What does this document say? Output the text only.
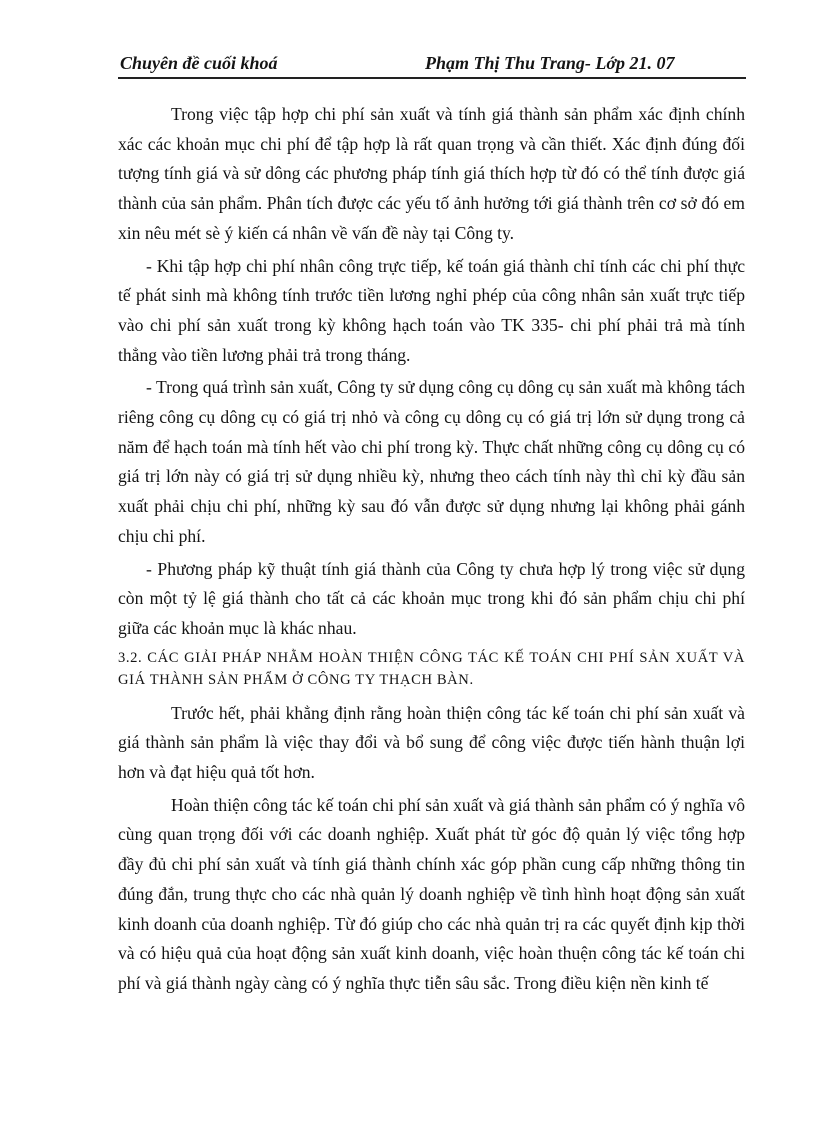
Chuyên đề cuối khoá	Phạm Thị Thu Trang- Lớp 21. 07

Trong việc tập hợp chi phí sản xuất và tính giá thành sản phẩm xác định chính xác các khoản mục chi phí để tập hợp là rất quan trọng và cần thiết. Xác định đúng đối tượng tính giá và sử dông các phương pháp tính giá thích hợp từ đó có thể tính được giá thành của sản phẩm. Phân tích được các yếu tố ảnh hưởng tới giá thành trên cơ sở đó em xin nêu mét sè ý kiến cá nhân về vấn đề này tại Công ty.

- Khi tập hợp chi phí nhân công trực tiếp, kế toán giá thành chỉ tính các chi phí thực tế phát sinh mà không tính trước tiền lương nghỉ phép của công nhân sản xuất trực tiếp vào chi phí sản xuất trong kỳ không hạch toán vào TK 335- chi phí phải trả mà tính thẳng vào tiền lương phải trả trong tháng.

- Trong quá trình sản xuất, Công ty sử dụng công cụ dông cụ sản xuất mà không tách riêng công cụ dông cụ có giá trị nhỏ và công cụ dông cụ có giá trị lớn sử dụng trong cả năm để hạch toán mà tính hết vào chi phí trong kỳ. Thực chất những công cụ dông cụ có giá trị lớn này có giá trị sử dụng nhiều kỳ, nhưng theo cách tính này thì chỉ kỳ đầu sản xuất phải chịu chi phí, những kỳ sau đó vẫn được sử dụng nhưng lại không phải gánh chịu chi phí.

- Phương pháp kỹ thuật tính giá thành của Công ty chưa hợp lý trong việc sử dụng còn một tỷ lệ giá thành cho tất cả các khoản mục trong khi đó sản phẩm chịu chi phí giữa các khoản mục là khác nhau.

3.2. CÁC GIẢI PHÁP NHẰM HOÀN THIỆN CÔNG TÁC KẾ TOÁN CHI PHÍ SẢN XUẤT VÀ GIÁ THÀNH SẢN PHẨM Ở CÔNG TY THẠCH BÀN.

Trước hết, phải khẳng định rằng hoàn thiện công tác kế toán chi phí sản xuất và giá thành sản phẩm là việc thay đổi và bổ sung để công việc được tiến hành thuận lợi hơn và đạt hiệu quả tốt hơn.

Hoàn thiện công tác kế toán chi phí sản xuất và giá thành sản phẩm có ý nghĩa vô cùng quan trọng đối với các doanh nghiệp. Xuất phát từ góc độ quản lý việc tổng hợp đầy đủ chi phí sản xuất và tính giá thành chính xác góp phần cung cấp những thông tin đúng đắn, trung thực cho các nhà quản lý doanh nghiệp về tình hình hoạt động sản xuất kinh doanh của doanh nghiệp. Từ đó giúp cho các nhà quản trị ra các quyết định kịp thời và có hiệu quả của hoạt động sản xuất kinh doanh, việc hoàn thuện công tác kế toán chi phí và giá thành ngày càng có ý nghĩa thực tiễn sâu sắc. Trong điều kiện nền kinh tế
